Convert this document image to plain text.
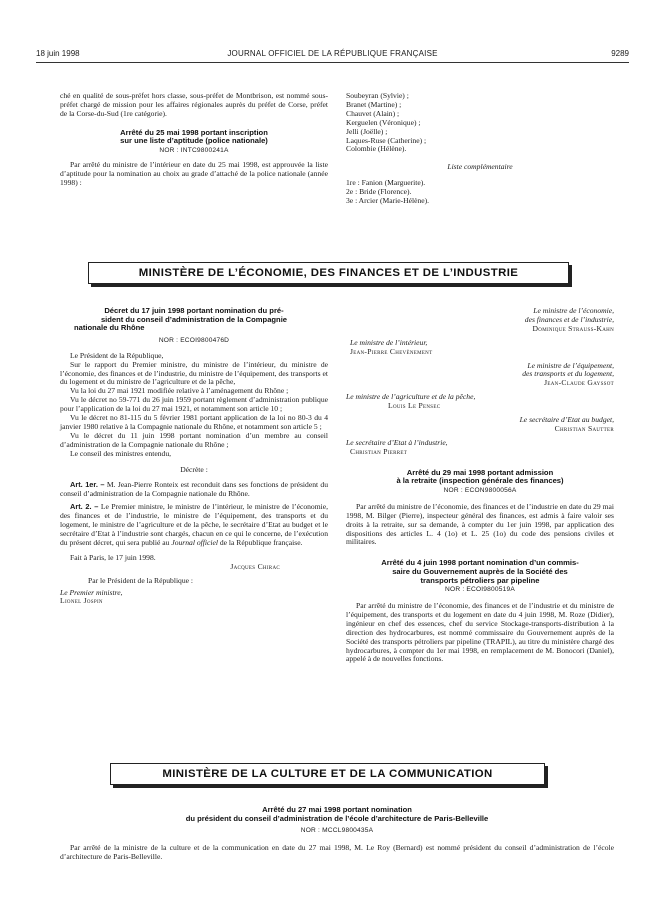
18 juin 1998	JOURNAL OFFICIEL DE LA RÉPUBLIQUE FRANÇAISE	9289

ché en qualité de sous-préfet hors classe, sous-préfet de Montbrison, est nommé sous-préfet chargé de mission pour les affaires régionales auprès du préfet de Corse, préfet de la Corse-du-Sud (1re catégorie).

Arrêté du 25 mai 1998 portant inscription
sur une liste d’aptitude (police nationale)
NOR : INTC9800241A

Par arrêté du ministre de l’intérieur en date du 25 mai 1998, est approuvée la liste d’aptitude pour la nomination au choix au grade d’attaché de la police nationale (année 1998) :

Soubeyran (Sylvie) ;

Branet (Martine) ;

Chauvet (Alain) ;

Kerguelen (Véronique) ;

Jelli (Joëlle) ;

Laques-Ruse (Catherine) ;

Colombie (Hélène).

Liste complémentaire

1re : Fanion (Marguerite).

2e : Bride (Florence).

3e : Arcier (Marie-Hélène).

MINISTÈRE DE L’ÉCONOMIE, DES FINANCES ET DE L’INDUSTRIE
Décret du 17 juin 1998 portant nomination du pré-
sident du conseil d’administration de la Compagnie
nationale du Rhône
NOR : ECOI9800476D

Le Président de la République,

Sur le rapport du Premier ministre, du ministre de l’intérieur, du ministre de l’économie, des finances et de l’industrie, du ministre de l’équipement, des transports et du logement et du ministre de l’agriculture et de la pêche,

Vu la loi du 27 mai 1921 modifiée relative à l’aménagement du Rhône ;

Vu le décret no 59-771 du 26 juin 1959 portant règlement d’administration publique pour l’application de la loi du 27 mai 1921, et notamment son article 10 ;

Vu le décret no 81-115 du 5 février 1981 portant application de la loi no 80-3 du 4 janvier 1980 relative à la Compagnie nationale du Rhône, et notamment son article 5 ;

Vu le décret du 11 juin 1998 portant nomination d’un membre au conseil d’administration de la Compagnie nationale du Rhône ;

Le conseil des ministres entendu,

Décrète :

Art. 1er. – M. Jean-Pierre Ronteix est reconduit dans ses fonctions de président du conseil d’administration de la Compagnie nationale du Rhône.

Art. 2. – Le Premier ministre, le ministre de l’intérieur, le ministre de l’économie, des finances et de l’industrie, le ministre de l’équipement, des transports et du logement, le ministre de l’agriculture et de la pêche, le secrétaire d’Etat au budget et le secrétaire d’Etat à l’industrie sont chargés, chacun en ce qui le concerne, de l’exécution du présent décret, qui sera publié au Journal officiel de la République française.

Fait à Paris, le 17 juin 1998.

Jacques Chirac

Par le Président de la République :

Le Premier ministre,

Lionel Jospin

Le ministre de l’économie,

des finances et de l’industrie,

Dominique Strauss-Kahn

Le ministre de l’intérieur,

Jean-Pierre Chevènement

Le ministre de l’équipement,

des transports et du logement,

Jean-Claude Gayssot

Le ministre de l’agriculture et de la pêche,

Louis Le Pensec

Le secrétaire d’Etat au budget,

Christian Sautter

Le secrétaire d’Etat à l’industrie,

Christian Pierret

Arrêté du 29 mai 1998 portant admission
à la retraite (inspection générale des finances)
NOR : ECON9800056A

Par arrêté du ministre de l’économie, des finances et de l’industrie en date du 29 mai 1998, M. Bilger (Pierre), inspecteur général des finances, est admis à faire valoir ses droits à la retraite, sur sa demande, à compter du 1er juin 1998, par application des dispositions des articles L. 4 (1o) et L. 25 (1o) du code des pensions civiles et militaires.

Arrêté du 4 juin 1998 portant nomination d’un commis-
saire du Gouvernement auprès de la Société des
transports pétroliers par pipeline
NOR : ECOI9800519A

Par arrêté du ministre de l’économie, des finances et de l’industrie et du ministre de l’équipement, des transports et du logement en date du 4 juin 1998, M. Roze (Didier), ingénieur en chef des essences, chef du service Stockage-transports-distribution à la direction des hydrocarbures, est nommé commissaire du Gouvernement auprès de la Société des transports pétroliers par pipeline (TRAPIL), au titre du ministère chargé des hydrocarbures, à compter du 1er mai 1998, en remplacement de M. Bonocori (Daniel), appelé à de nouvelles fonctions.

MINISTÈRE DE LA CULTURE ET DE LA COMMUNICATION
Arrêté du 27 mai 1998 portant nomination
du président du conseil d’administration de l’école d’architecture de Paris-Belleville
NOR : MCCL9800435A

Par arrêté de la ministre de la culture et de la communication en date du 27 mai 1998, M. Le Roy (Bernard) est nommé président du conseil d’administration de l’école d’architecture de Paris-Belleville.
